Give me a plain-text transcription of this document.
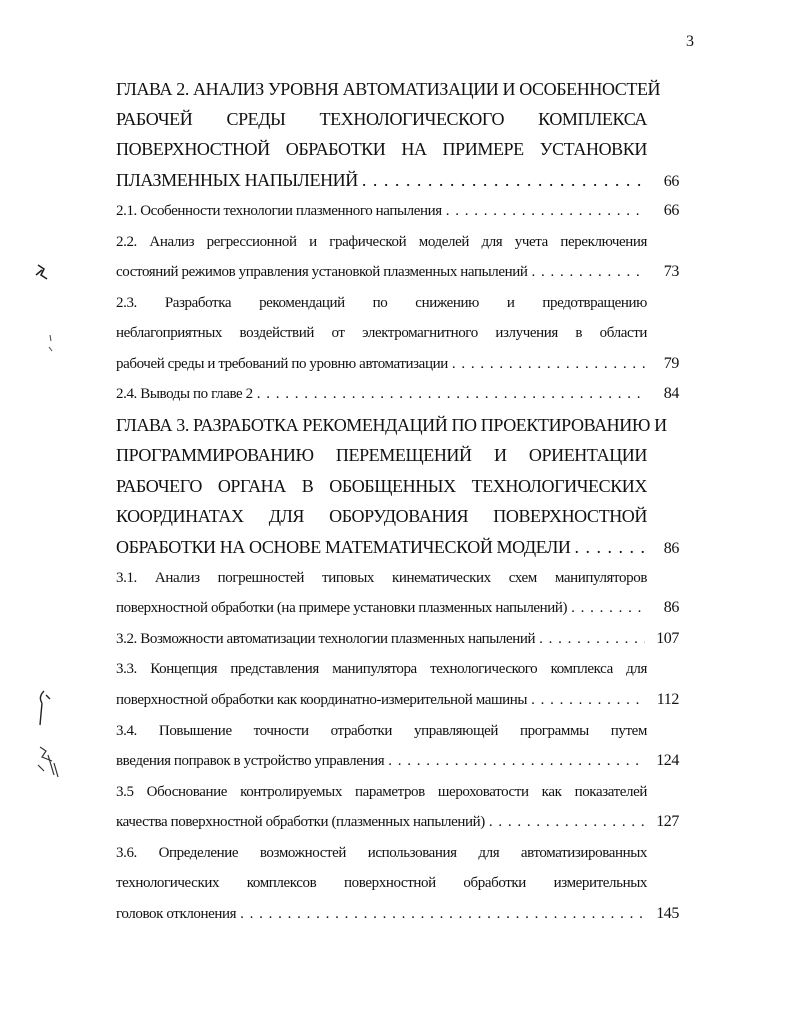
3
ГЛАВА 2. АНАЛИЗ УРОВНЯ АВТОМАТИЗАЦИИ И ОСОБЕННОСТЕЙ
РАБОЧЕЙ СРЕДЫ ТЕХНОЛОГИЧЕСКОГО КОМПЛЕКСА
ПОВЕРХНОСТНОЙ ОБРАБОТКИ НА ПРИМЕРЕ УСТАНОВКИ
ПЛАЗМЕННЫХ НАПЫЛЕНИЙ . . .	66
2.1. Особенности технологии плазменного напыления . . .	66
2.2. Анализ регрессионной и графической моделей для учета переключения
состояний режимов управления установкой плазменных напылений . . .	73
2.3. Разработка рекомендаций по снижению и предотвращению
неблагоприятных воздействий от электромагнитного излучения в области
рабочей среды и требований по уровню автоматизации . . .	79
2.4. Выводы по главе 2 . . .	84
ГЛАВА 3. РАЗРАБОТКА РЕКОМЕНДАЦИЙ ПО ПРОЕКТИРОВАНИЮ И
ПРОГРАММИРОВАНИЮ ПЕРЕМЕЩЕНИЙ И ОРИЕНТАЦИИ
РАБОЧЕГО ОРГАНА В ОБОБЩЕННЫХ ТЕХНОЛОГИЧЕСКИХ
КООРДИНАТАХ ДЛЯ ОБОРУДОВАНИЯ ПОВЕРХНОСТНОЙ
ОБРАБОТКИ НА ОСНОВЕ МАТЕМАТИЧЕСКОЙ МОДЕЛИ . . .	86
3.1. Анализ погрешностей типовых кинематических схем манипуляторов
поверхностной обработки (на примере установки плазменных напылений) . . .	86
3.2. Возможности автоматизации технологии плазменных напылений . . .	107
3.3. Концепция представления манипулятора технологического комплекса для
поверхностной обработки как координатно-измерительной машины . . .	112
3.4. Повышение точности отработки управляющей программы путем
введения поправок в устройство управления . . .	124
3.5 Обоснование контролируемых параметров шероховатости как показателей
качества поверхностной обработки (плазменных напылений) . . .	127
3.6. Определение возможностей использования для автоматизированных
технологических комплексов поверхностной обработки измерительных
головок отклонения . . .	145
